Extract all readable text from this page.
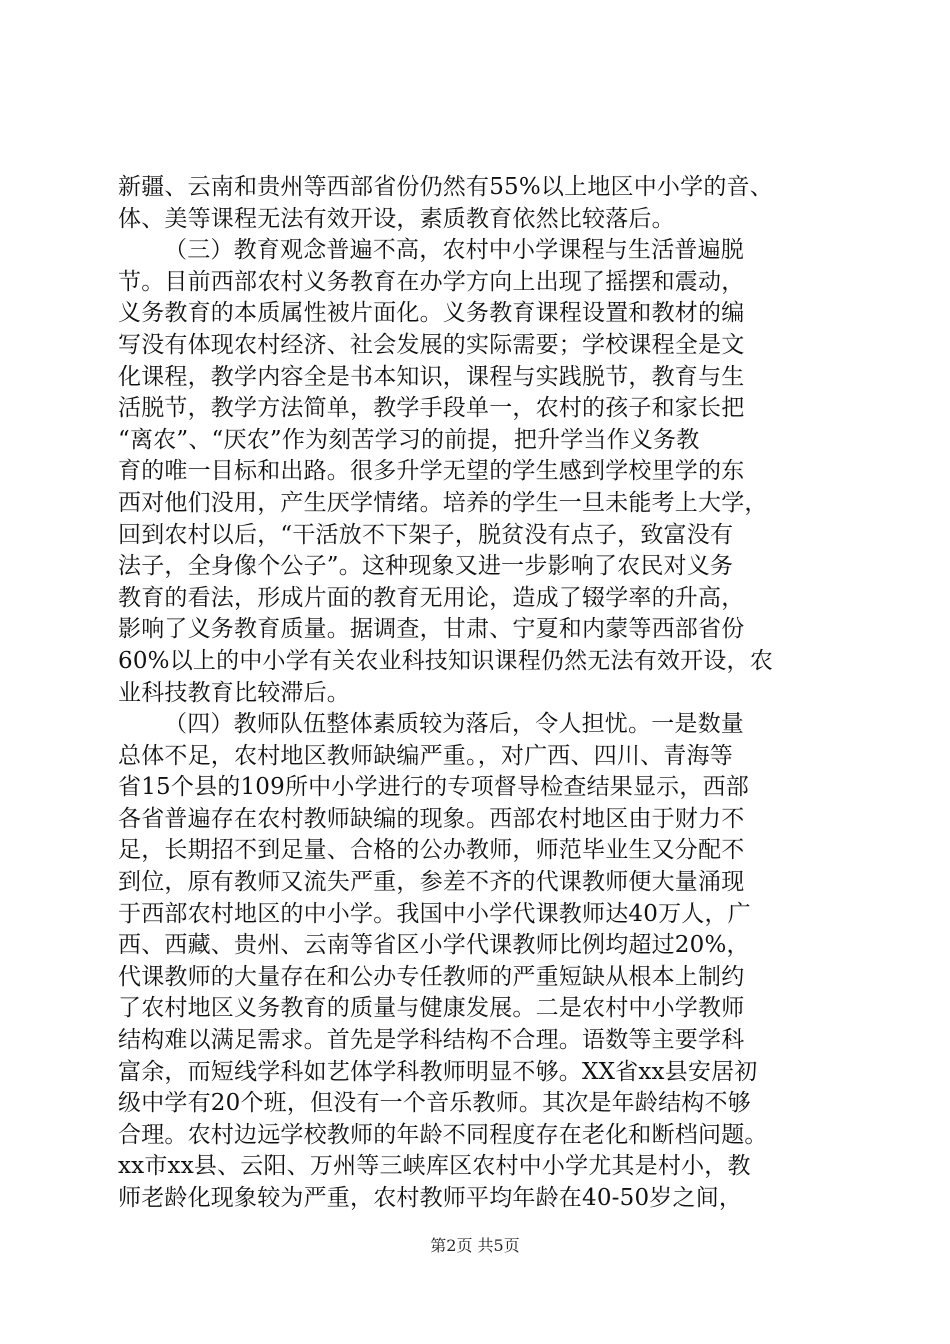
新疆、云南和贵州等西部省份仍然有55%以上地区中小学的音、
体、美等课程无法有效开设，素质教育依然比较落后。
（三）教育观念普遍不高，农村中小学课程与生活普遍脱
节。目前西部农村义务教育在办学方向上出现了摇摆和震动，
义务教育的本质属性被片面化。义务教育课程设置和教材的编
写没有体现农村经济、社会发展的实际需要；学校课程全是文
化课程，教学内容全是书本知识，课程与实践脱节，教育与生
活脱节，教学方法简单，教学手段单一，农村的孩子和家长把
“离农”、“厌农”作为刻苦学习的前提，把升学当作义务教
育的唯一目标和出路。很多升学无望的学生感到学校里学的东
西对他们没用，产生厌学情绪。培养的学生一旦未能考上大学，
回到农村以后，“干活放不下架子，脱贫没有点子，致富没有
法子，全身像个公子”。这种现象又进一步影响了农民对义务
教育的看法，形成片面的教育无用论，造成了辍学率的升高，
影响了义务教育质量。据调查，甘肃、宁夏和内蒙等西部省份
60%以上的中小学有关农业科技知识课程仍然无法有效开设，农
业科技教育比较滞后。
（四）教师队伍整体素质较为落后，令人担忧。一是数量
总体不足，农村地区教师缺编严重。，对广西、四川、青海等
省15个县的109所中小学进行的专项督导检查结果显示，西部
各省普遍存在农村教师缺编的现象。西部农村地区由于财力不
足，长期招不到足量、合格的公办教师，师范毕业生又分配不
到位，原有教师又流失严重，参差不齐的代课教师便大量涌现
于西部农村地区的中小学。我国中小学代课教师达40万人，广
西、西藏、贵州、云南等省区小学代课教师比例均超过20%，
代课教师的大量存在和公办专任教师的严重短缺从根本上制约
了农村地区义务教育的质量与健康发展。二是农村中小学教师
结构难以满足需求。首先是学科结构不合理。语数等主要学科
富余，而短线学科如艺体学科教师明显不够。XX省xx县安居初
级中学有20个班，但没有一个音乐教师。其次是年龄结构不够
合理。农村边远学校教师的年龄不同程度存在老化和断档问题。
xx市xx县、云阳、万州等三峡库区农村中小学尤其是村小，教
师老龄化现象较为严重，农村教师平均年龄在40-50岁之间，
第2页 共5页
